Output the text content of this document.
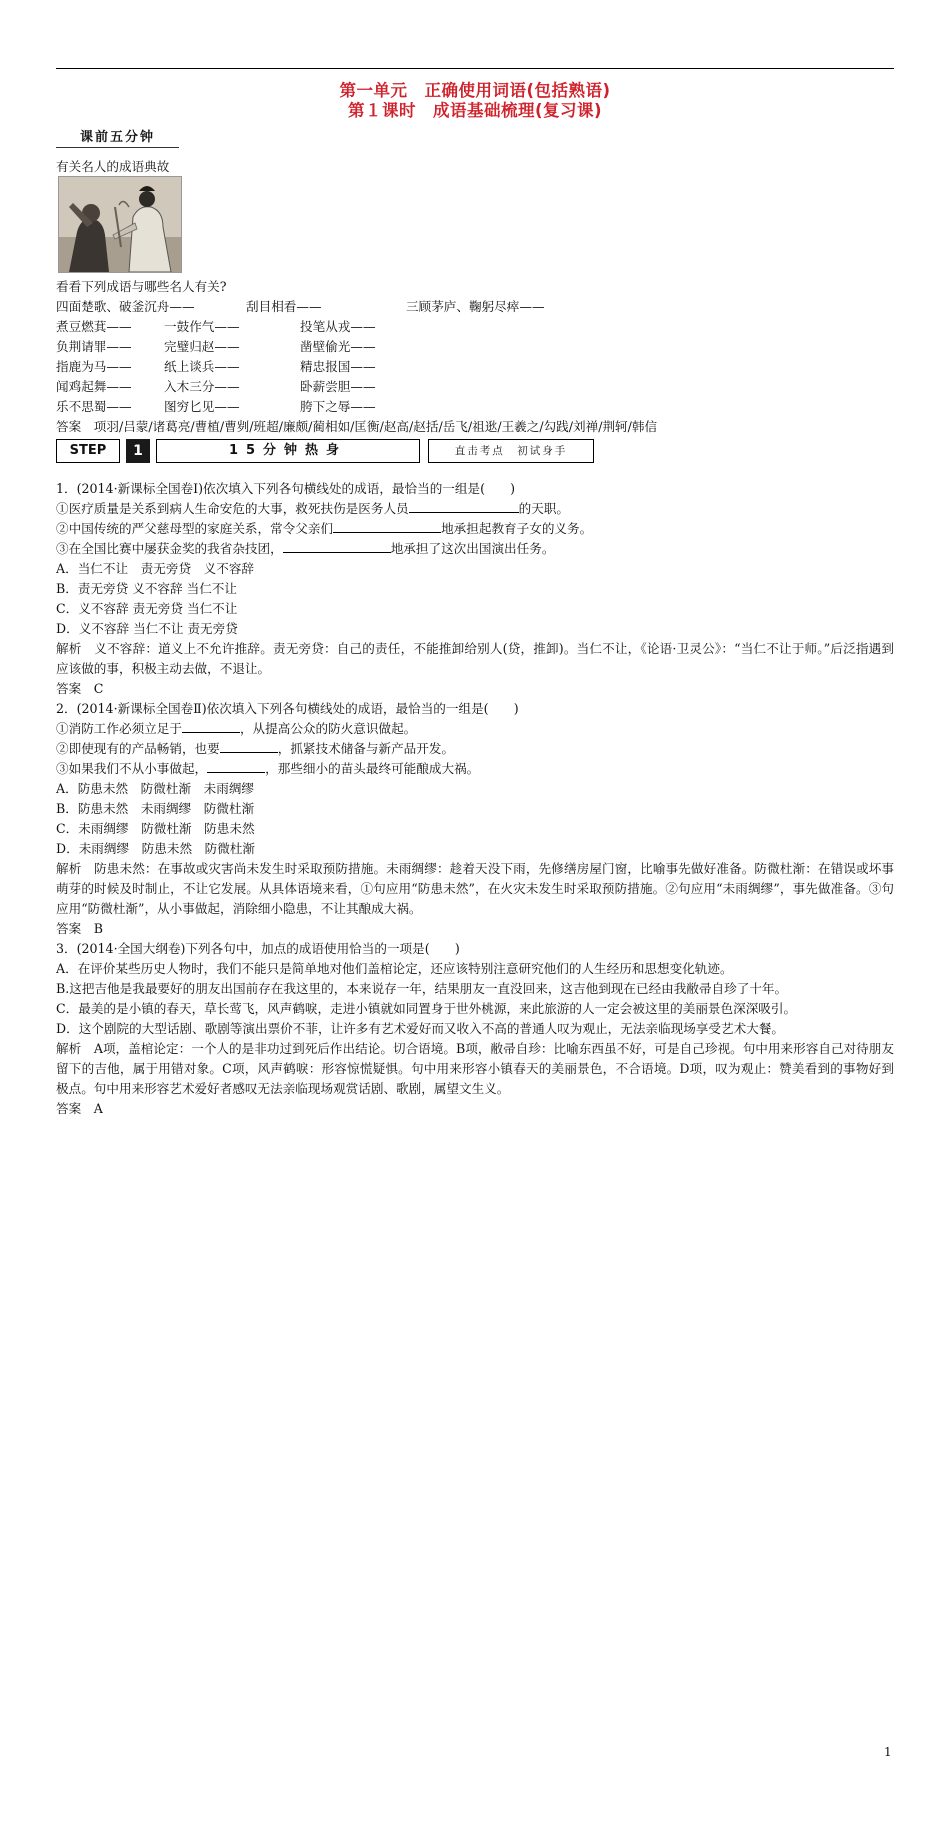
第一单元　正确使用词语(包括熟语)
第１课时　成语基础梳理(复习课)
课前五分钟
有关名人的成语典故
看看下列成语与哪些名人有关?
四面楚歌、破釜沉舟——	刮目相看——	三顾茅庐、鞠躬尽瘁——
煮豆燃萁——	一鼓作气——	投笔从戎——
负荆请罪——	完璧归赵——	凿壁偷光——
指鹿为马——	纸上谈兵——	精忠报国——
闻鸡起舞——	入木三分——	卧薪尝胆——
乐不思蜀——	图穷匕见——	胯下之辱——
答案　项羽/吕蒙/诸葛亮/曹植/曹刿/班超/廉颇/蔺相如/匡衡/赵高/赵括/岳飞/祖逖/王羲之/勾践/刘禅/荆轲/韩信
STEP	1	15分钟热身	直击考点　初试身手
1．(2014·新课标全国卷Ⅰ)依次填入下列各句横线处的成语，最恰当的一组是(　　)
①医疗质量是关系到病人生命安危的大事，救死扶伤是医务人员	的天职。
②中国传统的严父慈母型的家庭关系，常令父亲们	地承担起教育子女的义务。
③在全国比赛中屡获金奖的我省杂技团，	地承担了这次出国演出任务。
A．当仁不让　责无旁贷　义不容辞
B．责无旁贷 义不容辞 当仁不让
C．义不容辞 责无旁贷 当仁不让
D．义不容辞 当仁不让 责无旁贷
解析　义不容辞：道义上不允许推辞。责无旁贷：自己的责任，不能推卸给别人(贷，推卸)。当仁不让，《论语·卫灵公》：“当仁不让于师。”后泛指遇到应该做的事，积极主动去做，不退让。
答案　C
2．(2014·新课标全国卷Ⅱ)依次填入下列各句横线处的成语，最恰当的一组是(　　)
①消防工作必须立足于	，从提高公众的防火意识做起。
②即使现有的产品畅销，也要	，抓紧技术储备与新产品开发。
③如果我们不从小事做起，	，那些细小的苗头最终可能酿成大祸。
A．防患未然　防微杜渐　未雨绸缪
B．防患未然　未雨绸缪　防微杜渐
C．未雨绸缪　防微杜渐　防患未然
D．未雨绸缪　防患未然　防微杜渐
解析　防患未然：在事故或灾害尚未发生时采取预防措施。未雨绸缪：趁着天没下雨，先修缮房屋门窗，比喻事先做好准备。防微杜渐：在错误或坏事萌芽的时候及时制止，不让它发展。从具体语境来看，①句应用“防患未然”，在火灾未发生时采取预防措施。②句应用“未雨绸缪”，事先做准备。③句应用“防微杜渐”，从小事做起，消除细小隐患，不让其酿成大祸。
答案　B
3．(2014·全国大纲卷)下列各句中，加点的成语使用恰当的一项是(　　)
A．在评价某些历史人物时，我们不能只是简单地对他们盖棺论定，还应该特别注意研究他们的人生经历和思想变化轨迹。
B.这把吉他是我最要好的朋友出国前存在我这里的，本来说存一年，结果朋友一直没回来，这吉他到现在已经由我敝帚自珍了十年。
C．最美的是小镇的春天，草长莺飞，风声鹤唳，走进小镇就如同置身于世外桃源，来此旅游的人一定会被这里的美丽景色深深吸引。
D．这个剧院的大型话剧、歌剧等演出票价不菲，让许多有艺术爱好而又收入不高的普通人叹为观止，无法亲临现场享受艺术大餐。
解析　A项，盖棺论定：一个人的是非功过到死后作出结论。切合语境。B项，敝帚自珍：比喻东西虽不好，可是自己珍视。句中用来形容自己对待朋友留下的吉他，属于用错对象。C项，风声鹤唳：形容惊慌疑惧。句中用来形容小镇春天的美丽景色，不合语境。D项，叹为观止：赞美看到的事物好到极点。句中用来形容艺术爱好者感叹无法亲临现场观赏话剧、歌剧，属望文生义。
答案　A
1
